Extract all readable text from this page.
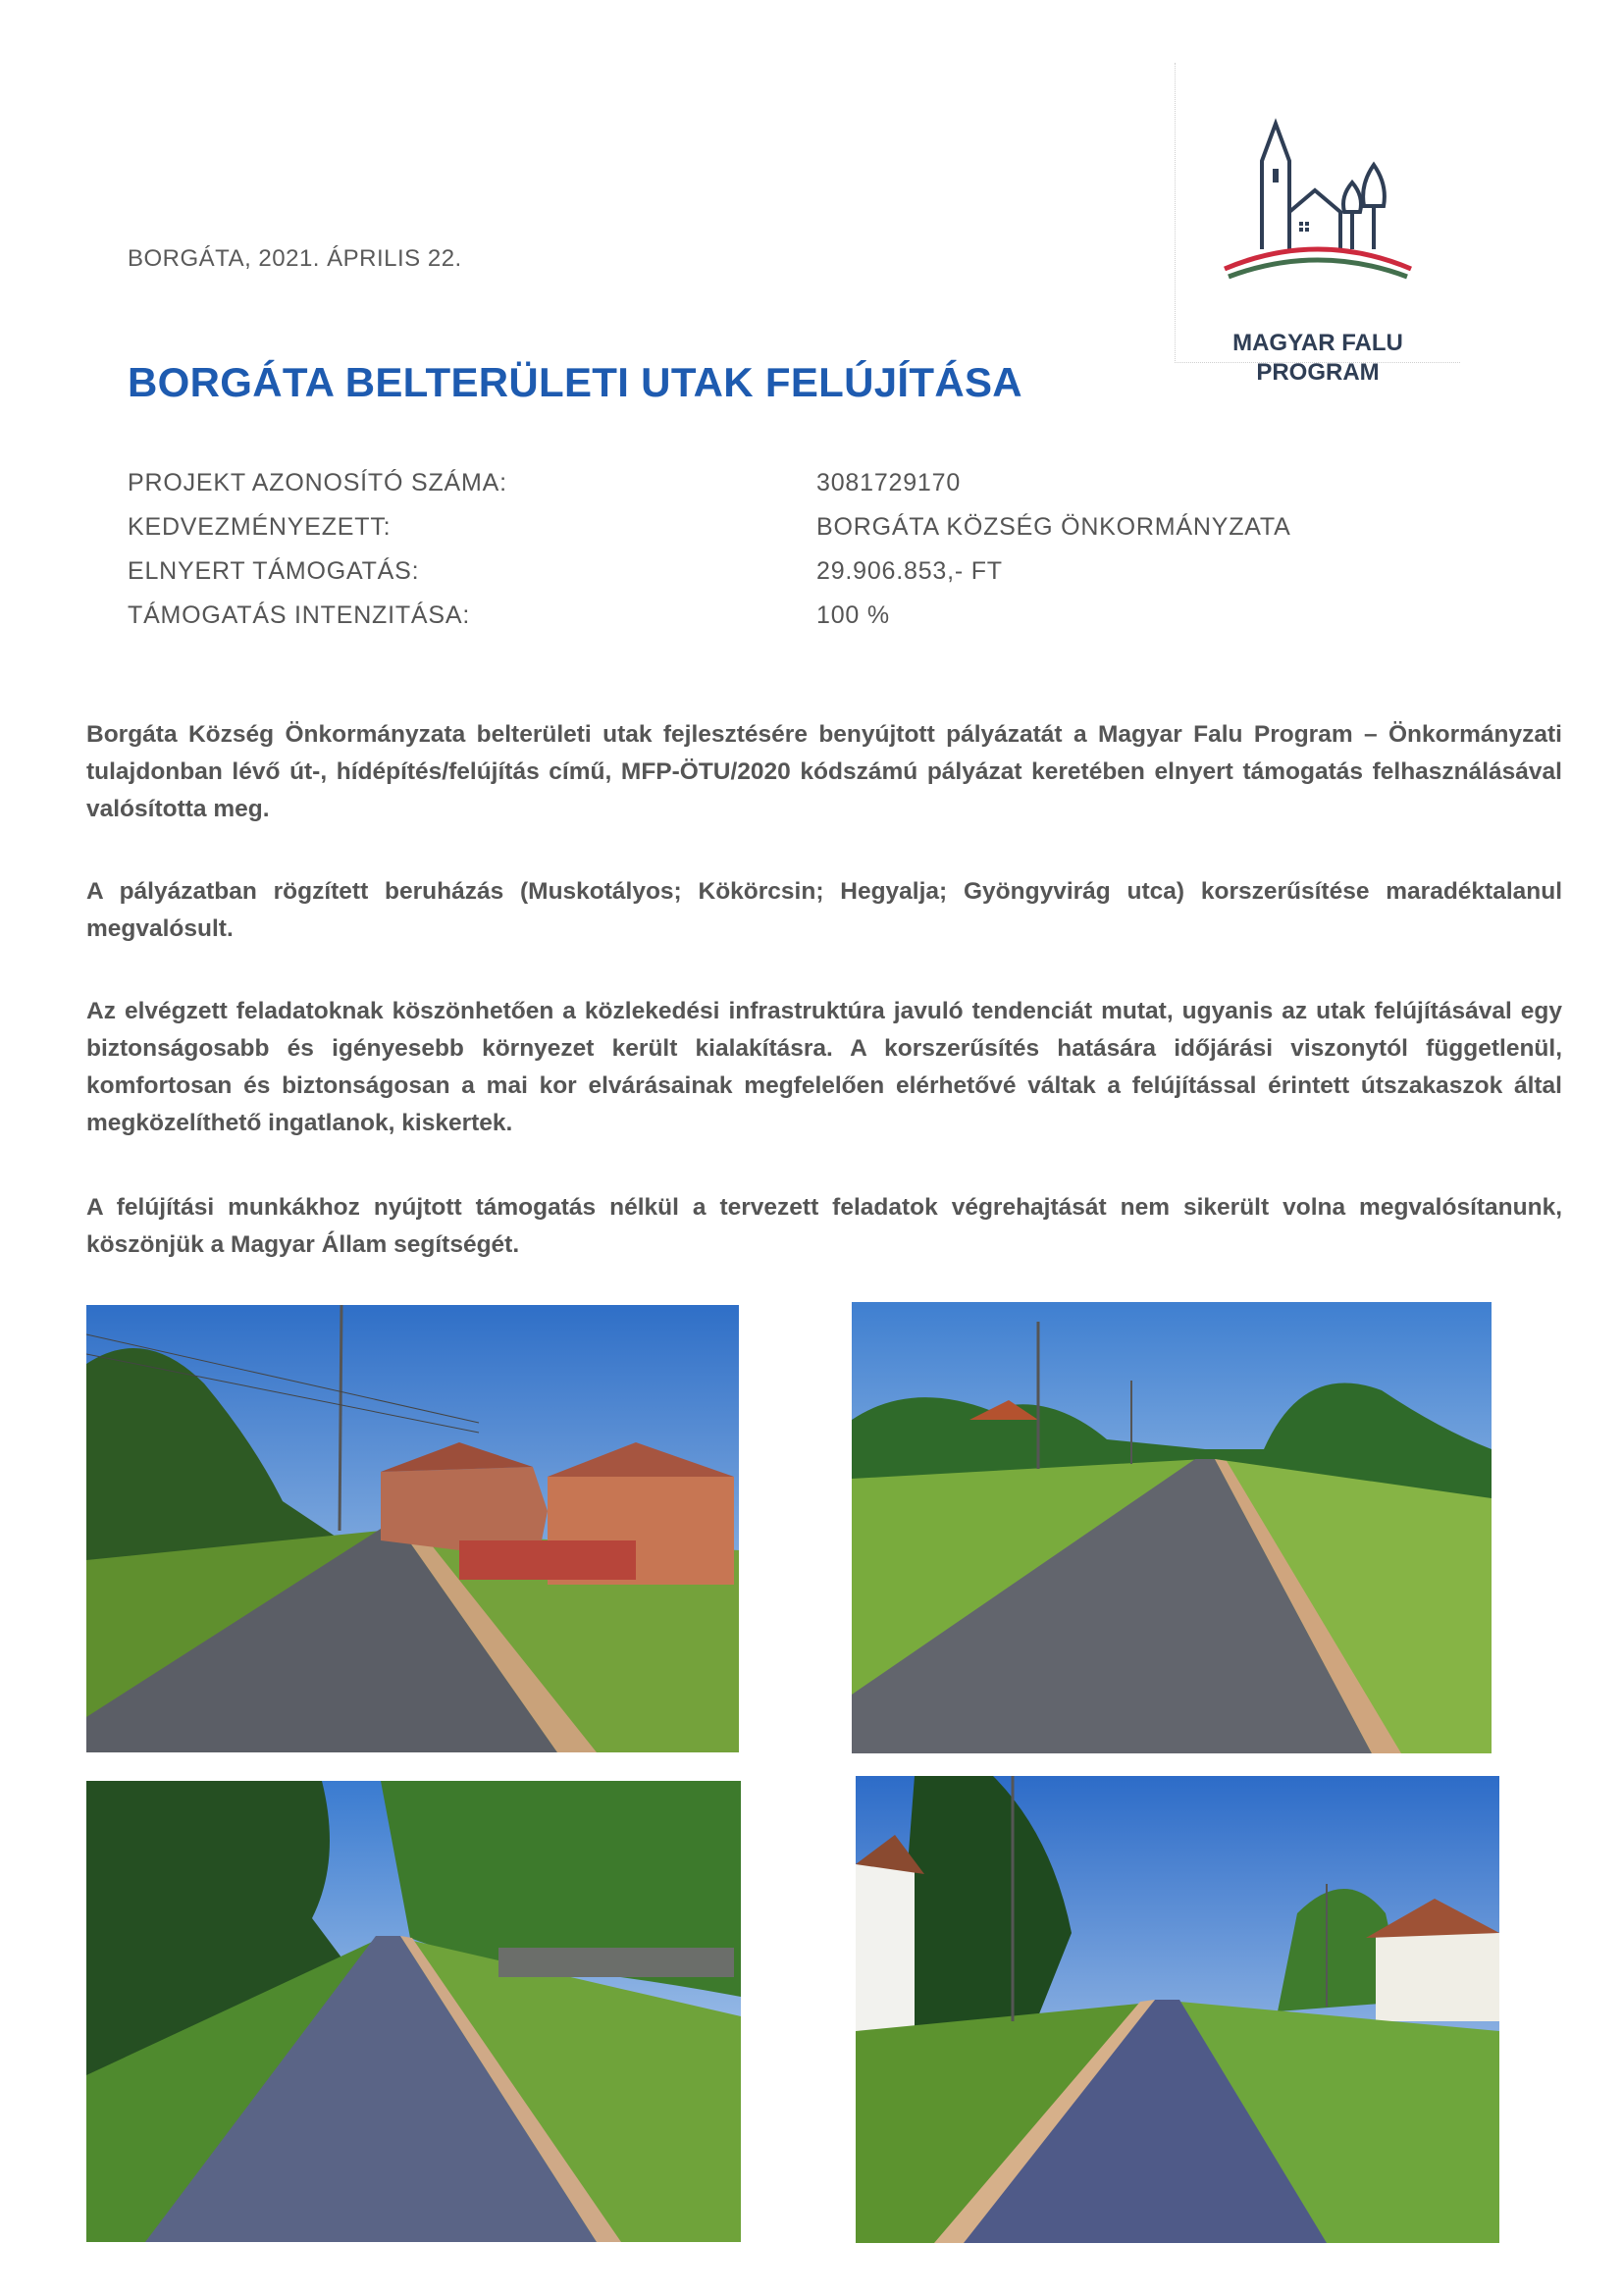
BORGÁTA, 2021. ÁPRILIS 22.
MAGYAR FALU
PROGRAM
BORGÁTA BELTERÜLETI UTAK FELÚJÍTÁSA
PROJEKT AZONOSÍTÓ SZÁMA:	3081729170
KEDVEZMÉNYEZETT:	BORGÁTA KÖZSÉG ÖNKORMÁNYZATA
ELNYERT TÁMOGATÁS:	29.906.853,- FT
TÁMOGATÁS INTENZITÁSA:	100 %

Borgáta Község Önkormányzata belterületi utak fejlesztésére benyújtott pályázatát a Magyar Falu Program – Önkormányzati tulajdonban lévő út-, hídépítés/felújítás című, MFP-ÖTU/2020 kódszámú pályázat keretében elnyert támogatás felhasználásával valósította meg.

A pályázatban rögzített beruházás (Muskotályos; Kökörcsin; Hegyalja; Gyöngyvirág utca) korszerűsítése maradéktalanul megvalósult.

Az elvégzett feladatoknak köszönhetően a közlekedési infrastruktúra javuló tendenciát mutat, ugyanis az utak felújításával egy biztonságosabb és igényesebb környezet került kialakításra. A korszerűsítés hatására időjárási viszonytól függetlenül, komfortosan és biztonságosan a mai kor elvárásainak megfelelően elérhetővé váltak a felújítással érintett útszakaszok által megközelíthető ingatlanok, kiskertek.

A felújítási munkákhoz nyújtott támogatás nélkül a tervezett feladatok végrehajtását nem sikerült volna megvalósítanunk, köszönjük a Magyar Állam segítségét.
